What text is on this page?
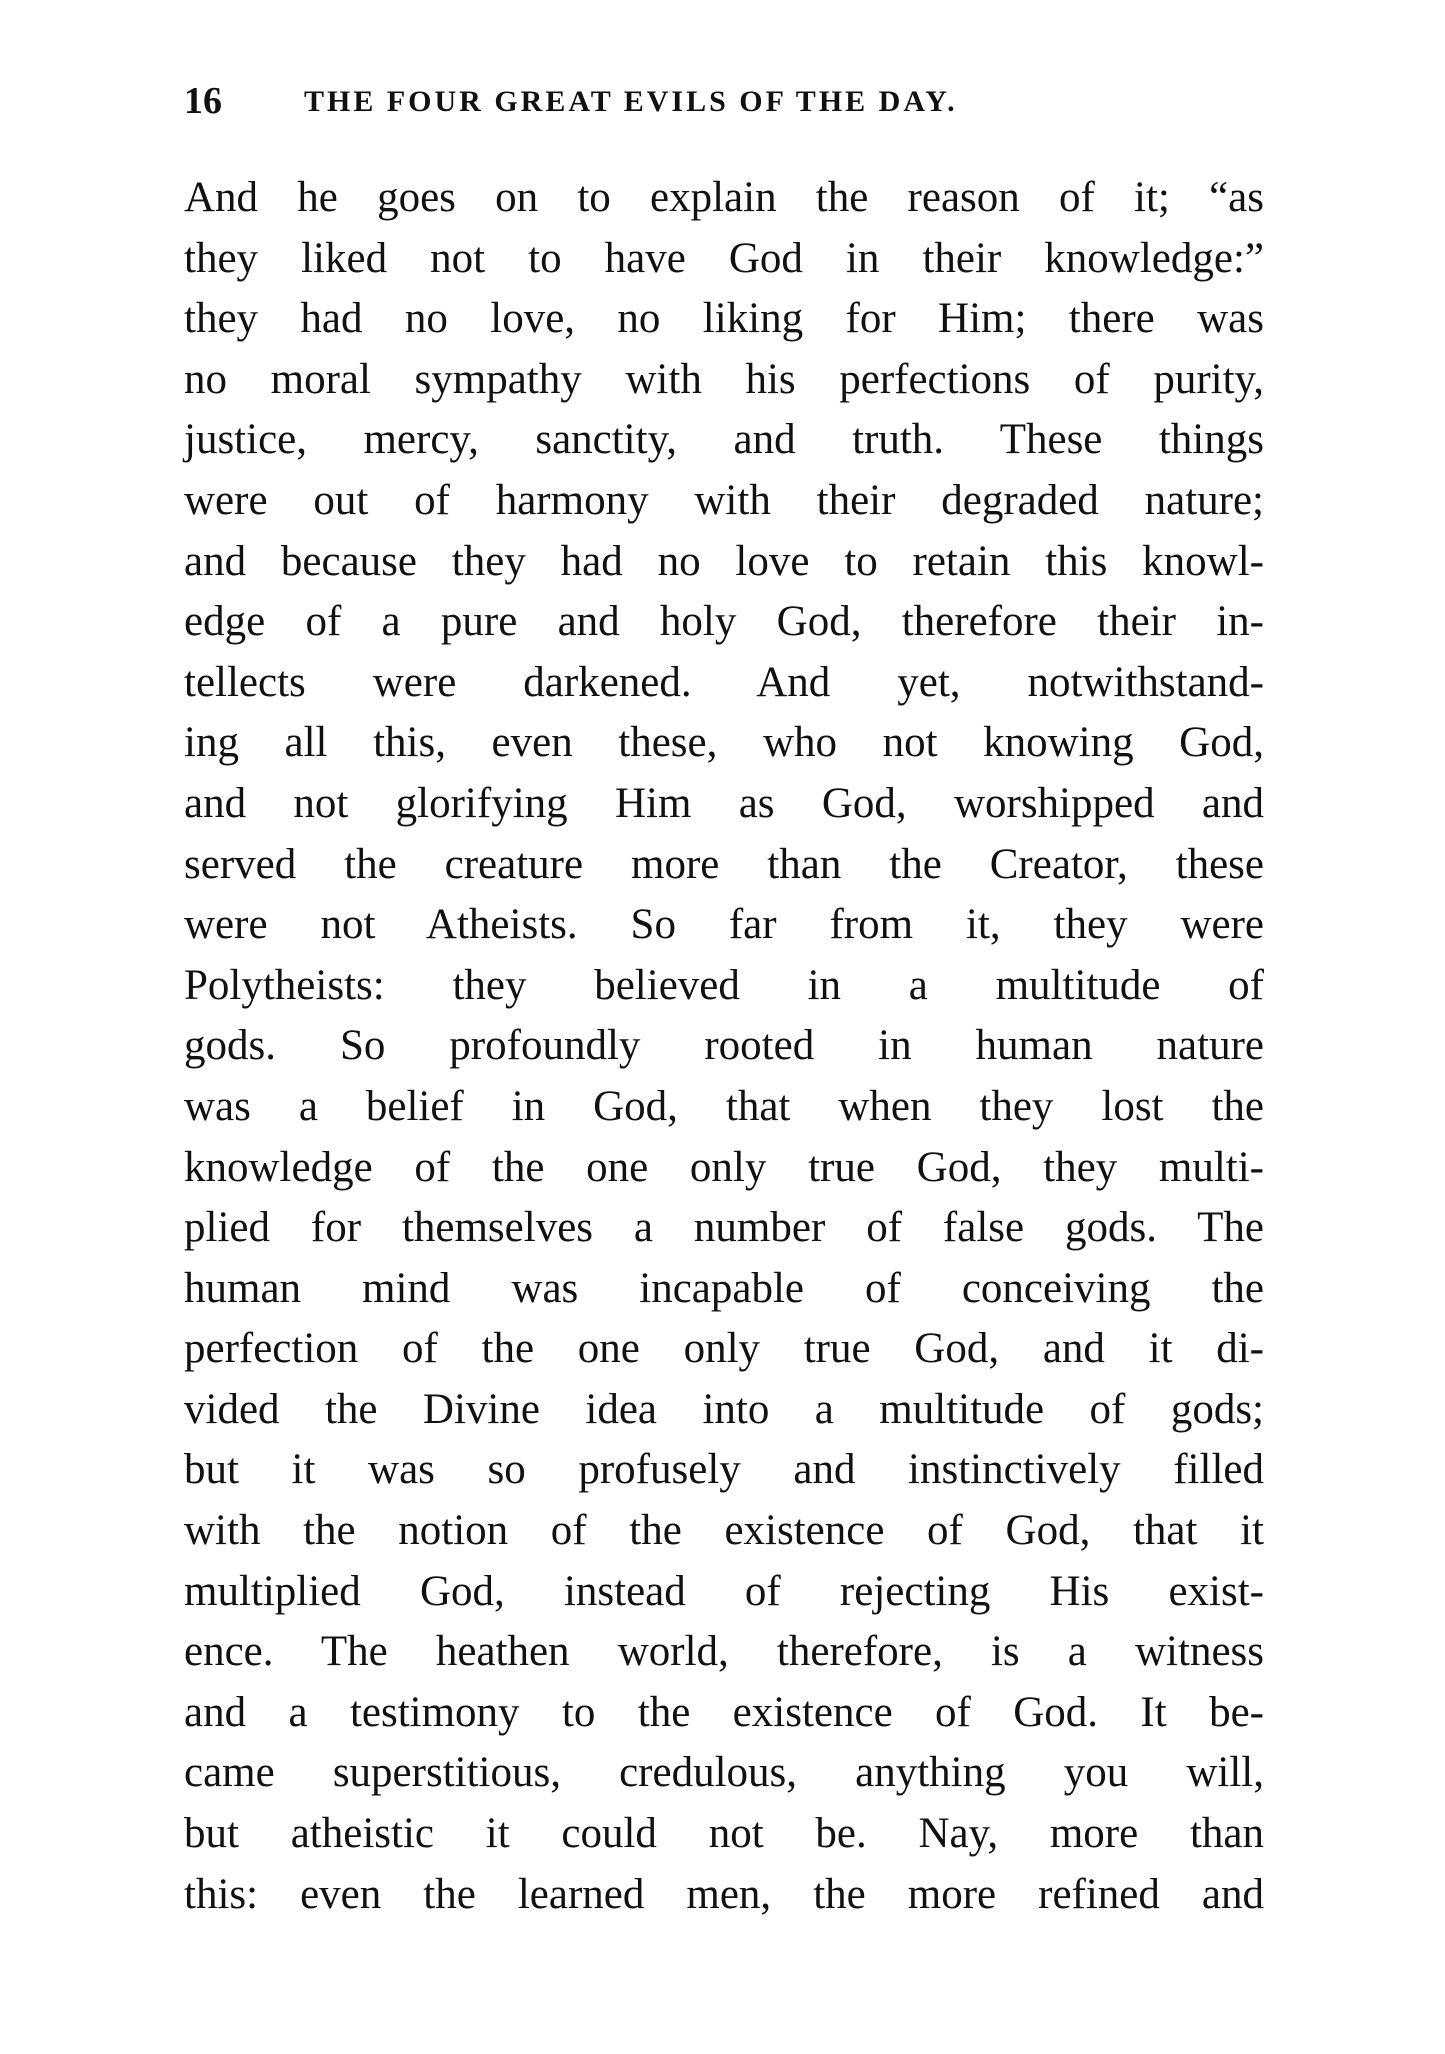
16	THE FOUR GREAT EVILS OF THE DAY.
And he goes on to explain the reason of it; “as
they liked not to have God in their knowledge:”
they had no love, no liking for Him; there was
no moral sympathy with his perfections of purity,
justice, mercy, sanctity, and truth. These things
were out of harmony with their degraded nature;
and because they had no love to retain this knowl-
edge of a pure and holy God, therefore their in-
tellects were darkened. And yet, notwithstand-
ing all this, even these, who not knowing God,
and not glorifying Him as God, worshipped and
served the creature more than the Creator, these
were not Atheists. So far from it, they were
Polytheists: they believed in a multitude of
gods. So profoundly rooted in human nature
was a belief in God, that when they lost the
knowledge of the one only true God, they multi-
plied for themselves a number of false gods. The
human mind was incapable of conceiving the
perfection of the one only true God, and it di-
vided the Divine idea into a multitude of gods;
but it was so profusely and instinctively filled
with the notion of the existence of God, that it
multiplied God, instead of rejecting His exist-
ence. The heathen world, therefore, is a witness
and a testimony to the existence of God. It be-
came superstitious, credulous, anything you will,
but atheistic it could not be. Nay, more than
this: even the learned men, the more refined and
